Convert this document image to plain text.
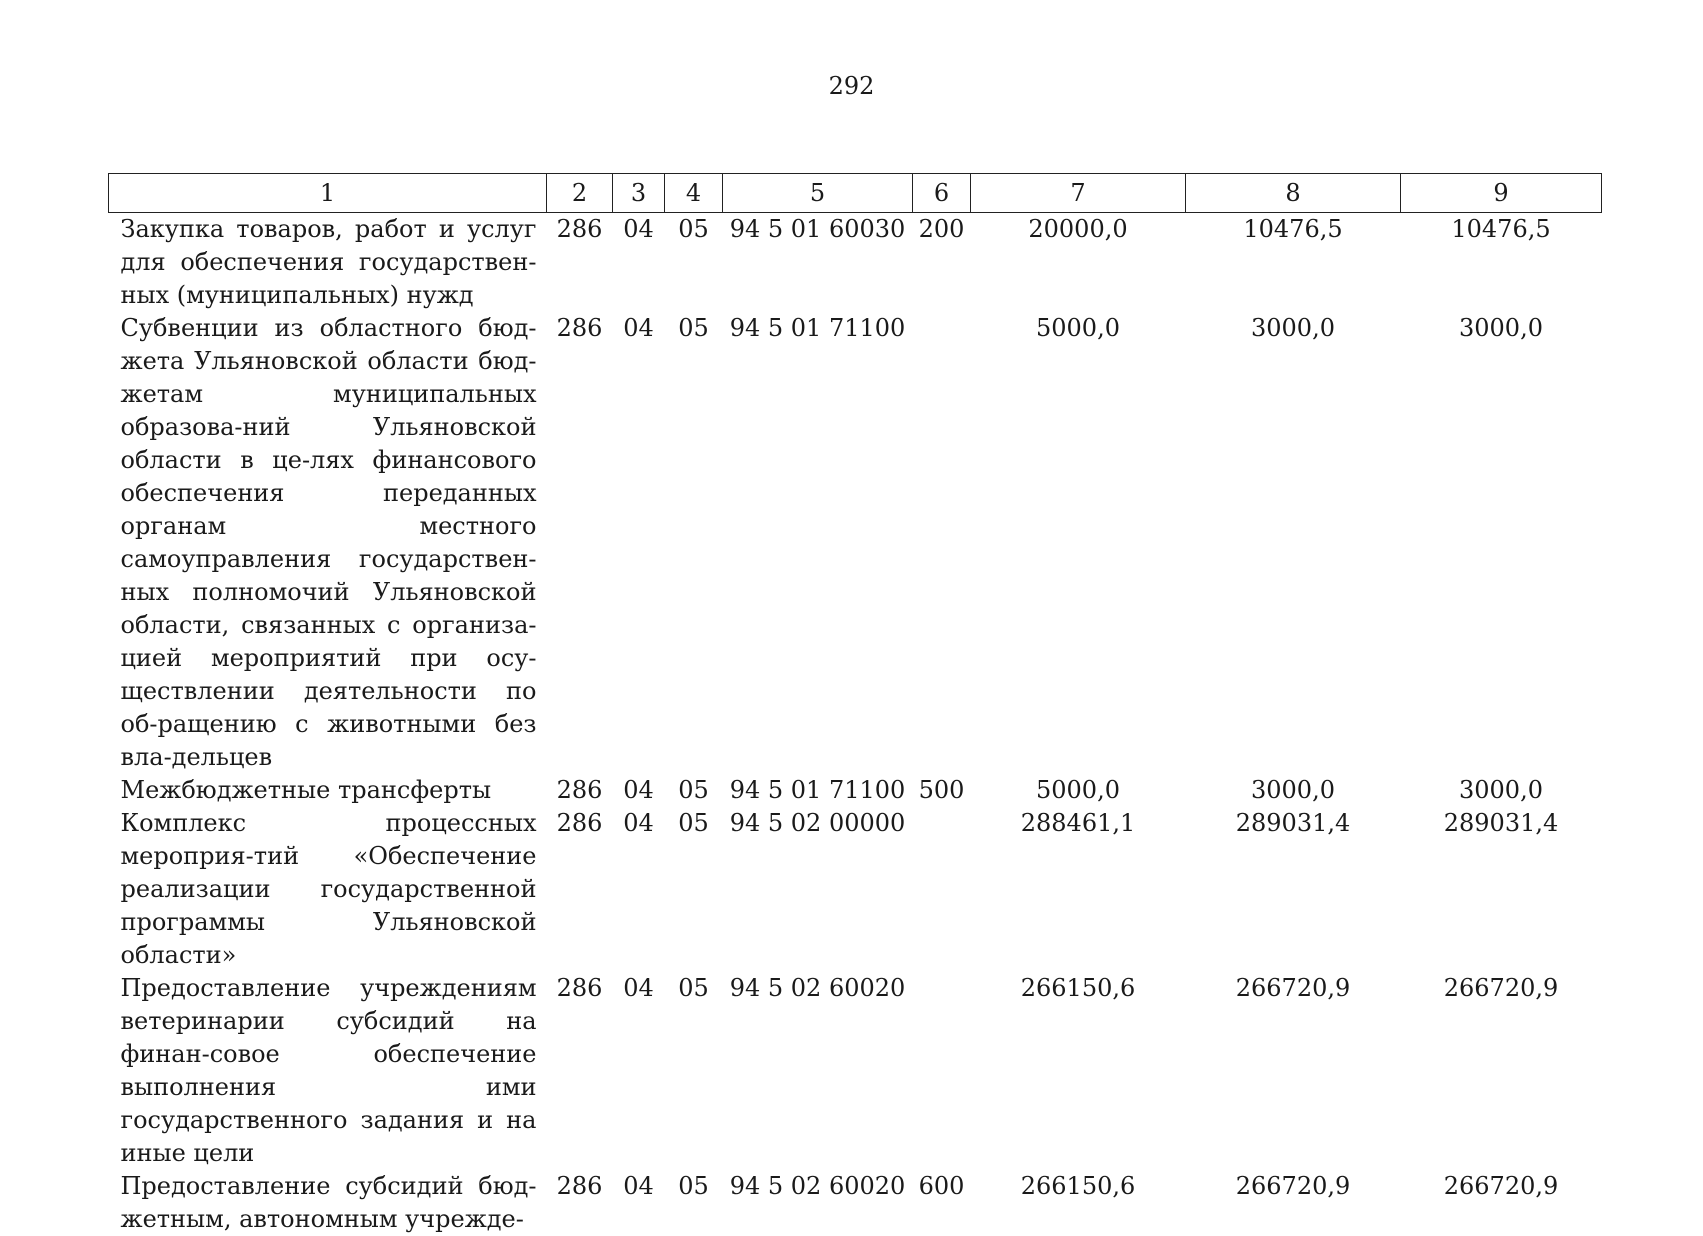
292
1	2	3	4	5	6	7	8	9
Закупка товаров, работ и услуг для обеспечения государствен-ных (муниципальных) нужд	286	04	05	94 5 01 60030	200	20000,0	10476,5	10476,5
Субвенции из областного бюд-жета Ульяновской области бюд-жетам муниципальных образова-ний Ульяновской области в це-лях финансового обеспечения переданных органам местного самоуправления государствен-ных полномочий Ульяновской области, связанных с организа-цией мероприятий при осу-ществлении деятельности по об-ращению с животными без вла-дельцев	286	04	05	94 5 01 71100		5000,0	3000,0	3000,0
Межбюджетные трансферты	286	04	05	94 5 01 71100	500	5000,0	3000,0	3000,0
Комплекс процессных мероприя-тий «Обеспечение реализации государственной программы Ульяновской области»	286	04	05	94 5 02 00000		288461,1	289031,4	289031,4
Предоставление учреждениям ветеринарии субсидий на финан-совое обеспечение выполнения ими государственного задания и на иные цели	286	04	05	94 5 02 60020		266150,6	266720,9	266720,9
Предоставление субсидий бюд-жетным, автономным учрежде-	286	04	05	94 5 02 60020	600	266150,6	266720,9	266720,9
